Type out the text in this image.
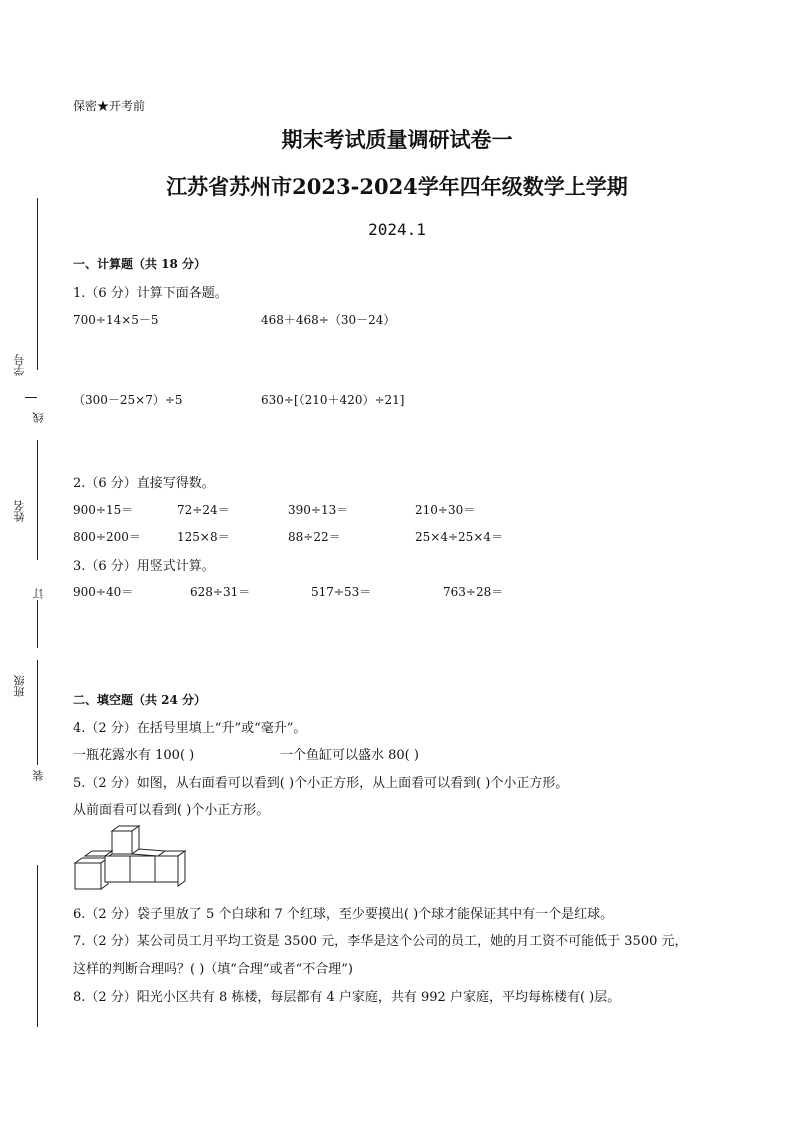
保密★开考前
期末考试质量调研试卷一
江苏省苏州市2023-2024学年四年级数学上学期
2024.1
学号
线
姓名
订
班级
装
一、计算题（共 18 分）
1.（6 分）计算下面各题。
700÷14×5－5	468＋468÷（30－24）
（300－25×7）÷5	630÷[（210＋420）÷21]
2.（6 分）直接写得数。
900÷15＝	72÷24＝	390÷13＝	210÷30＝
800÷200＝	125×8＝	88÷22＝	25×4÷25×4＝
3.（6 分）用竖式计算。
900÷40＝	628÷31＝	517÷53＝	763÷28＝
二、填空题（共 24 分）
4.（2 分）在括号里填上“升”或“毫升”。
一瓶花露水有 100( )	一个鱼缸可以盛水 80( )
5.（2 分）如图，从右面看可以看到( )个小正方形，从上面看可以看到( )个小正方形。
从前面看可以看到( )个小正方形。
6.（2 分）袋子里放了 5 个白球和 7 个红球，至少要摸出( )个球才能保证其中有一个是红球。
7.（2 分）某公司员工月平均工资是 3500 元，李华是这个公司的员工，她的月工资不可能低于 3500 元，
这样的判断合理吗？( )（填“合理”或者“不合理”)
8.（2 分）阳光小区共有 8 栋楼，每层都有 4 户家庭，共有 992 户家庭，平均每栋楼有( )层。
